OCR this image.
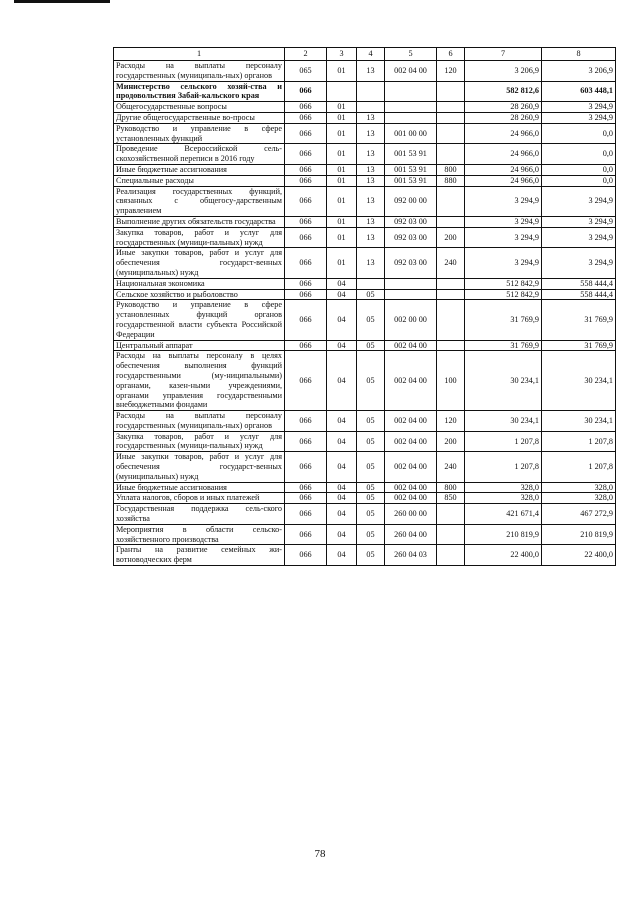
1	2	3	4	5	6	7	8
Расходы на выплаты персоналу государственных (муниципаль-ных) органов	065	01	13	002 04 00	120	3 206,9	3 206,9
Министерство сельского хозяй-ства и продовольствия Забай-кальского края	066					582 812,6	603 448,1
Общегосударственные вопросы	066	01				28 260,9	3 294,9
Другие общегосударственные во-просы	066	01	13			28 260,9	3 294,9
Руководство и управление в сфере установленных функций	066	01	13	001 00 00		24 966,0	0,0
Проведение Всероссийской сель-скохозяйственной переписи в 2016 году	066	01	13	001 53 91		24 966,0	0,0
Иные бюджетные ассигнования	066	01	13	001 53 91	800	24 966,0	0,0
Специальные расходы	066	01	13	001 53 91	880	24 966,0	0,0
Реализация государственных функций, связанных с общегосу-дарственным управлением	066	01	13	092 00 00		3 294,9	3 294,9
Выполнение других обязательств государства	066	01	13	092 03 00		3 294,9	3 294,9
Закупка товаров, работ и услуг для государственных (муници-пальных) нужд	066	01	13	092 03 00	200	3 294,9	3 294,9
Иные закупки товаров, работ и услуг для обеспечения государст-венных (муниципальных) нужд	066	01	13	092 03 00	240	3 294,9	3 294,9
Национальная экономика	066	04				512 842,9	558 444,4
Сельское хозяйство и рыболовство	066	04	05			512 842,9	558 444,4
Руководство и управление в сфере установленных функций органов государственной власти субъекта Российской Федерации	066	04	05	002 00 00		31 769,9	31 769,9
Центральный аппарат	066	04	05	002 04 00		31 769,9	31 769,9
Расходы на выплаты персоналу в целях обеспечения выполнения функций государственными (му-ниципальными) органами, казен-ными учреждениями, органами управления государственными внебюджетными фондами	066	04	05	002 04 00	100	30 234,1	30 234,1
Расходы на выплаты персоналу государственных (муниципаль-ных) органов	066	04	05	002 04 00	120	30 234,1	30 234,1
Закупка товаров, работ и услуг для государственных (муници-пальных) нужд	066	04	05	002 04 00	200	1 207,8	1 207,8
Иные закупки товаров, работ и услуг для обеспечения государст-венных (муниципальных) нужд	066	04	05	002 04 00	240	1 207,8	1 207,8
Иные бюджетные ассигнования	066	04	05	002 04 00	800	328,0	328,0
Уплата налогов, сборов и иных платежей	066	04	05	002 04 00	850	328,0	328,0
Государственная поддержка сель-ского хозяйства	066	04	05	260 00 00		421 671,4	467 272,9
Мероприятия в области сельско-хозяйственного производства	066	04	05	260 04 00		210 819,9	210 819,9
Гранты на развитие семейных жи-вотноводческих ферм	066	04	05	260 04 03		22 400,0	22 400,0
78
